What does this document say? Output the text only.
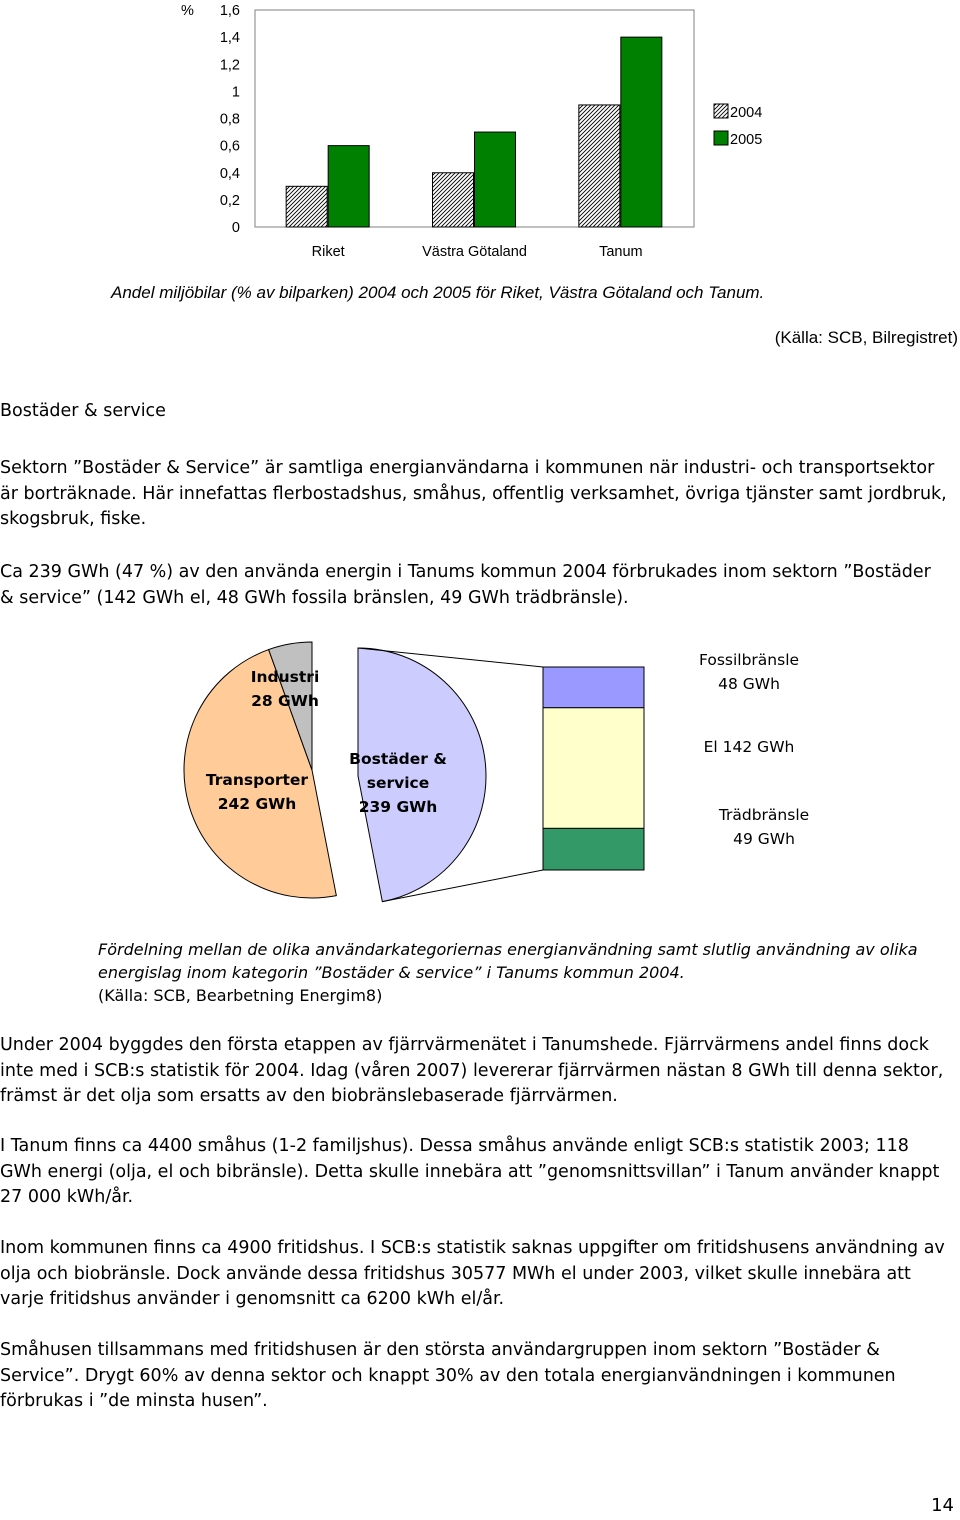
%
0
0,2
0,4
0,6
0,8
1
1,2
1,4
1,6
Riket	Västra Götaland	Tanum
2004
2005

Andel miljöbilar (% av bilparken) 2004 och 2005 för Riket, Västra Götaland och Tanum.

(Källa: SCB, Bilregistret)

Bostäder & service

Sektorn ”Bostäder & Service” är samtliga energianvändarna i kommunen när industri- och transportsektor är borträknade. Här innefattas flerbostadshus, småhus, offentlig verksamhet, övriga tjänster samt jordbruk, skogsbruk, fiske.

Ca 239 GWh (47 %) av den använda energin i Tanums kommun 2004 förbrukades inom sektorn ”Bostäder & service” (142 GWh el, 48 GWh fossila bränslen, 49 GWh trädbränsle).

Industri
28 GWh
Transporter
242 GWh
Bostäder &
service
239 GWh
Fossilbränsle
48 GWh
El 142 GWh
Trädbränsle
49 GWh

Fördelning mellan de olika användarkategoriernas energianvändning samt slutlig användning av olika energislag inom kategorin ”Bostäder & service” i Tanums kommun 2004.

(Källa: SCB, Bearbetning Energim8)

Under 2004 byggdes den första etappen av fjärrvärmenätet i Tanumshede. Fjärrvärmens andel finns dock inte med i SCB:s statistik för 2004. Idag (våren 2007) levererar fjärrvärmen nästan 8 GWh till denna sektor, främst är det olja som ersatts av den biobränslebaserade fjärrvärmen.

I Tanum finns ca 4400 småhus (1-2 familjshus). Dessa småhus använde enligt SCB:s statistik 2003; 118 GWh energi (olja, el och bibränsle). Detta skulle innebära att ”genomsnittsvillan” i Tanum använder knappt 27 000 kWh/år.

Inom kommunen finns ca 4900 fritidshus. I SCB:s statistik saknas uppgifter om fritidshusens användning av olja och biobränsle. Dock använde dessa fritidshus 30577 MWh el under 2003, vilket skulle innebära att varje fritidshus använder i genomsnitt ca 6200 kWh el/år.

Småhusen tillsammans med fritidshusen är den största användargruppen inom sektorn ”Bostäder & Service”. Drygt 60% av denna sektor och knappt 30% av den totala energianvändningen i kommunen förbrukas i ”de minsta husen”.

14
